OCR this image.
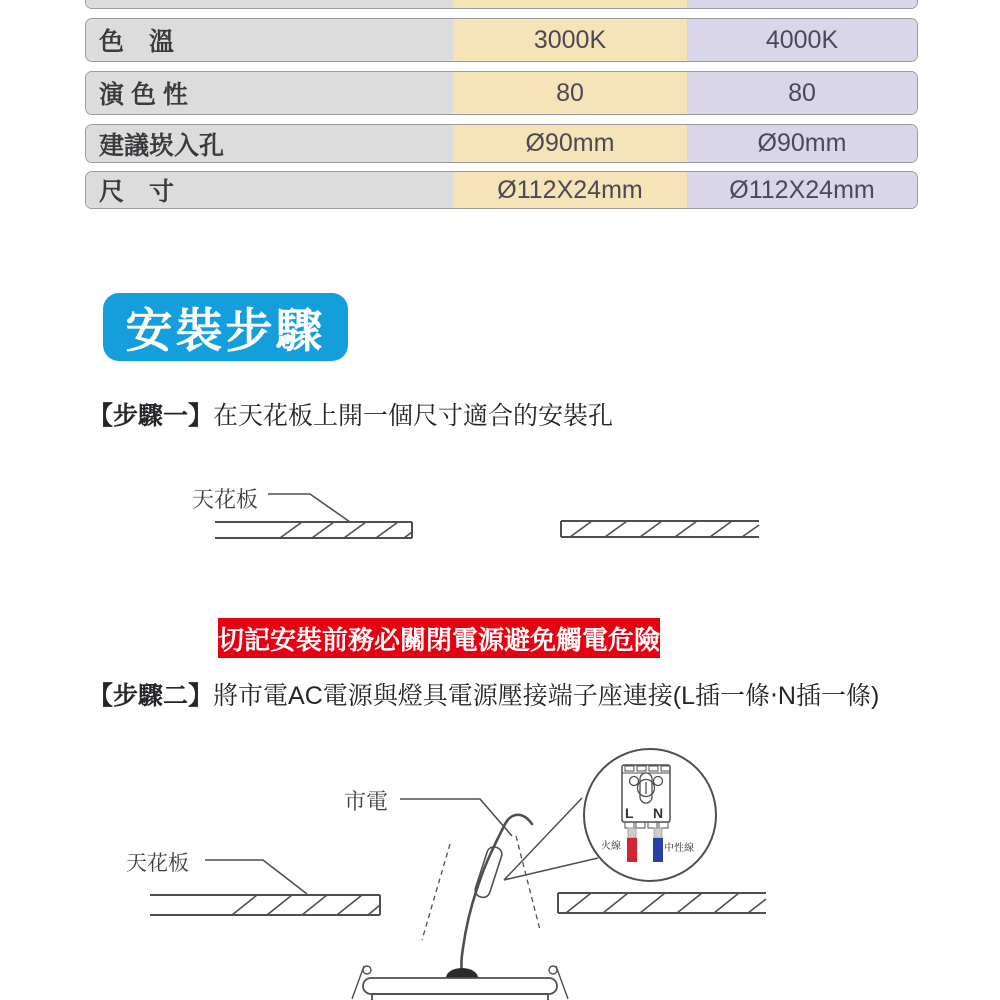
色　溫	3000K	4000K
演 色 性	80	80
建議崁入孔	Ø90mm	Ø90mm
尺　寸	Ø112X24mm	Ø112X24mm
安裝步驟
【步驟一】在天花板上開一個尺寸適合的安裝孔
天花板
切記安裝前務必關閉電源避免觸電危險
【步驟二】將市電AC電源與燈具電源壓接端子座連接(L插一條‧N插一條)
天花板
市電
火線	中性線
L N
